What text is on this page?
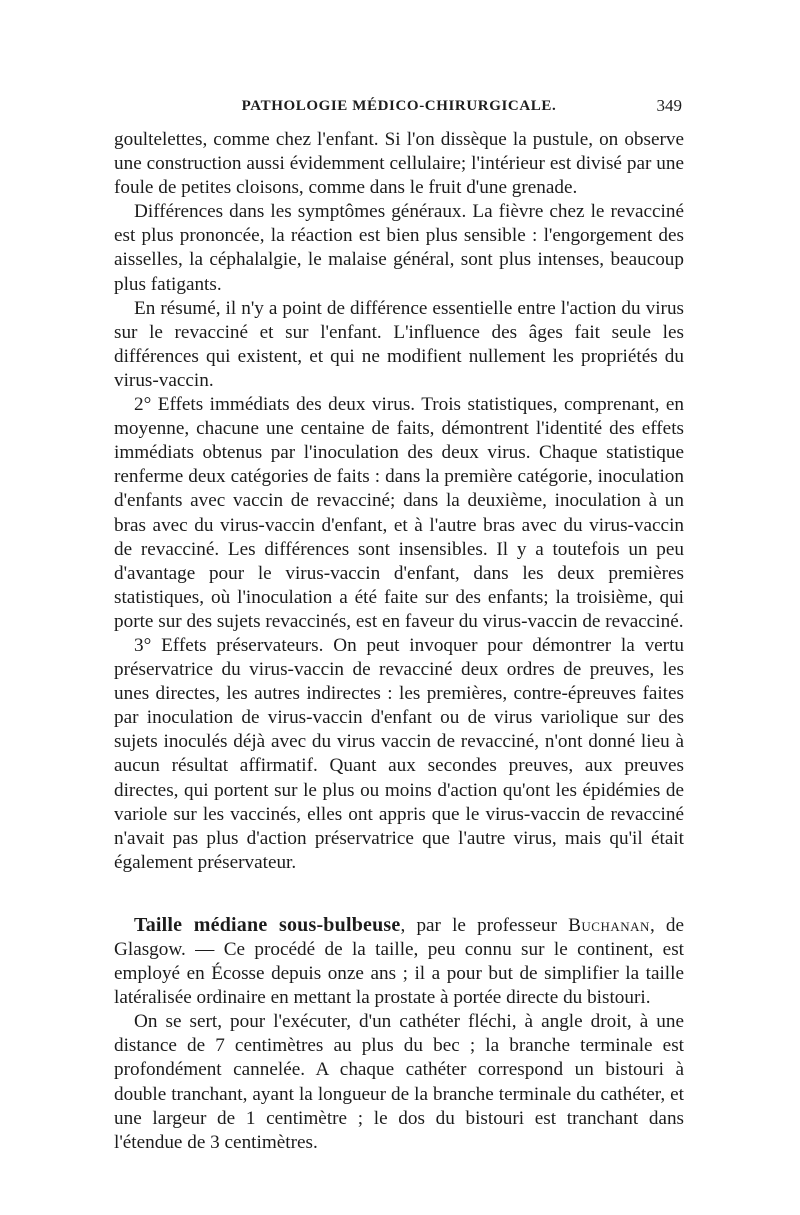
PATHOLOGIE MÉDICO-CHIRURGICALE.	349

goultelettes, comme chez l'enfant. Si l'on dissèque la pustule, on observe une construction aussi évidemment cellulaire; l'intérieur est divisé par une foule de petites cloisons, comme dans le fruit d'une grenade.

Différences dans les symptômes généraux. La fièvre chez le revacciné est plus prononcée, la réaction est bien plus sensible : l'engorgement des aisselles, la céphalalgie, le malaise général, sont plus intenses, beaucoup plus fatigants.

En résumé, il n'y a point de différence essentielle entre l'action du virus sur le revacciné et sur l'enfant. L'influence des âges fait seule les différences qui existent, et qui ne modifient nullement les propriétés du virus-vaccin.

2° Effets immédiats des deux virus. Trois statistiques, comprenant, en moyenne, chacune une centaine de faits, démontrent l'identité des effets immédiats obtenus par l'inoculation des deux virus. Chaque statistique renferme deux catégories de faits : dans la première catégorie, inoculation d'enfants avec vaccin de revacciné; dans la deuxième, inoculation à un bras avec du virus-vaccin d'enfant, et à l'autre bras avec du virus-vaccin de revacciné. Les différences sont insensibles. Il y a toutefois un peu d'avantage pour le virus-vaccin d'enfant, dans les deux premières statistiques, où l'inoculation a été faite sur des enfants; la troisième, qui porte sur des sujets revaccinés, est en faveur du virus-vaccin de revacciné.

3° Effets préservateurs. On peut invoquer pour démontrer la vertu préservatrice du virus-vaccin de revacciné deux ordres de preuves, les unes directes, les autres indirectes : les premières, contre-épreuves faites par inoculation de virus-vaccin d'enfant ou de virus variolique sur des sujets inoculés déjà avec du virus vaccin de revacciné, n'ont donné lieu à aucun résultat affirmatif. Quant aux secondes preuves, aux preuves directes, qui portent sur le plus ou moins d'action qu'ont les épidémies de variole sur les vaccinés, elles ont appris que le virus-vaccin de revacciné n'avait pas plus d'action préservatrice que l'autre virus, mais qu'il était également préservateur.

Taille médiane sous-bulbeuse, par le professeur Buchanan, de Glasgow. — Ce procédé de la taille, peu connu sur le continent, est employé en Écosse depuis onze ans ; il a pour but de simplifier la taille latéralisée ordinaire en mettant la prostate à portée directe du bistouri.

On se sert, pour l'exécuter, d'un cathéter fléchi, à angle droit, à une distance de 7 centimètres au plus du bec ; la branche terminale est profondément cannelée. A chaque cathéter correspond un bistouri à double tranchant, ayant la longueur de la branche terminale du cathéter, et une largeur de 1 centimètre ; le dos du bistouri est tranchant dans l'étendue de 3 centimètres.
